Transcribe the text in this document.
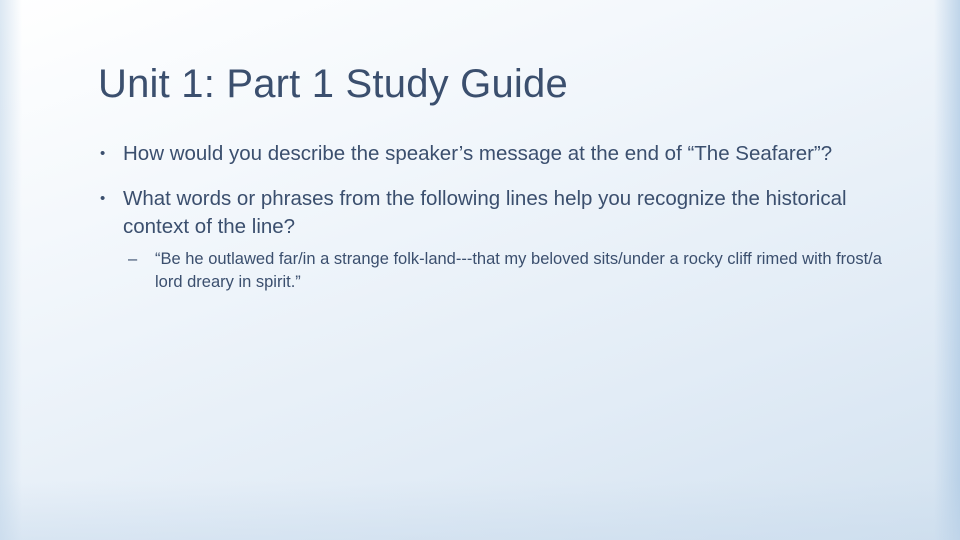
Unit 1: Part 1 Study Guide
• How would you describe the speaker’s message at the end of “The Seafarer”?
• What words or phrases from the following lines help you recognize the historical context of the line?
–	“Be he outlawed far/in a strange folk-land---that my beloved sits/under a rocky cliff rimed with frost/a lord dreary in spirit.”
